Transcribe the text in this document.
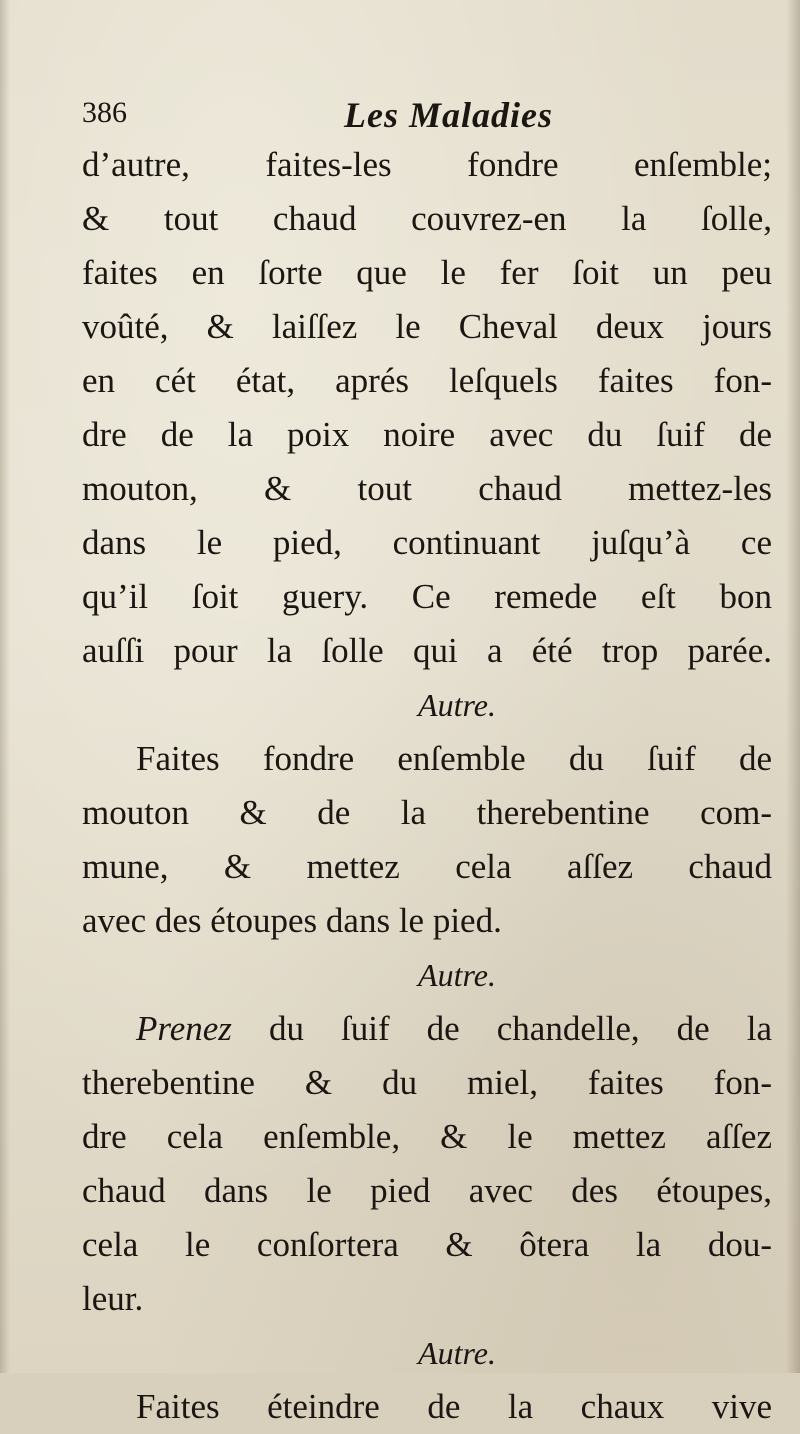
386	Les Maladies
d’autre, faites-les fondre enſemble;
& tout chaud couvrez-en la ſolle,
faites en ſorte que le fer ſoit un peu
voûté, & laiſſez le Cheval deux jours
en cét état, aprés leſquels faites fon-
dre de la poix noire avec du ſuif de
mouton, & tout chaud mettez-les
dans le pied, continuant juſqu’à ce
qu’il ſoit guery. Ce remede eſt bon
auſſi pour la ſolle qui a été trop parée.
Autre.
Faites fondre enſemble du ſuif de
mouton & de la therebentine com-
mune, & mettez cela aſſez chaud
avec des étoupes dans le pied.
Autre.
Prenez du ſuif de chandelle, de la
therebentine & du miel, faites fon-
dre cela enſemble, & le mettez aſſez
chaud dans le pied avec des étoupes,
cela le conſortera & ôtera la dou-
leur.
Autre.
Faites éteindre de la chaux vive
